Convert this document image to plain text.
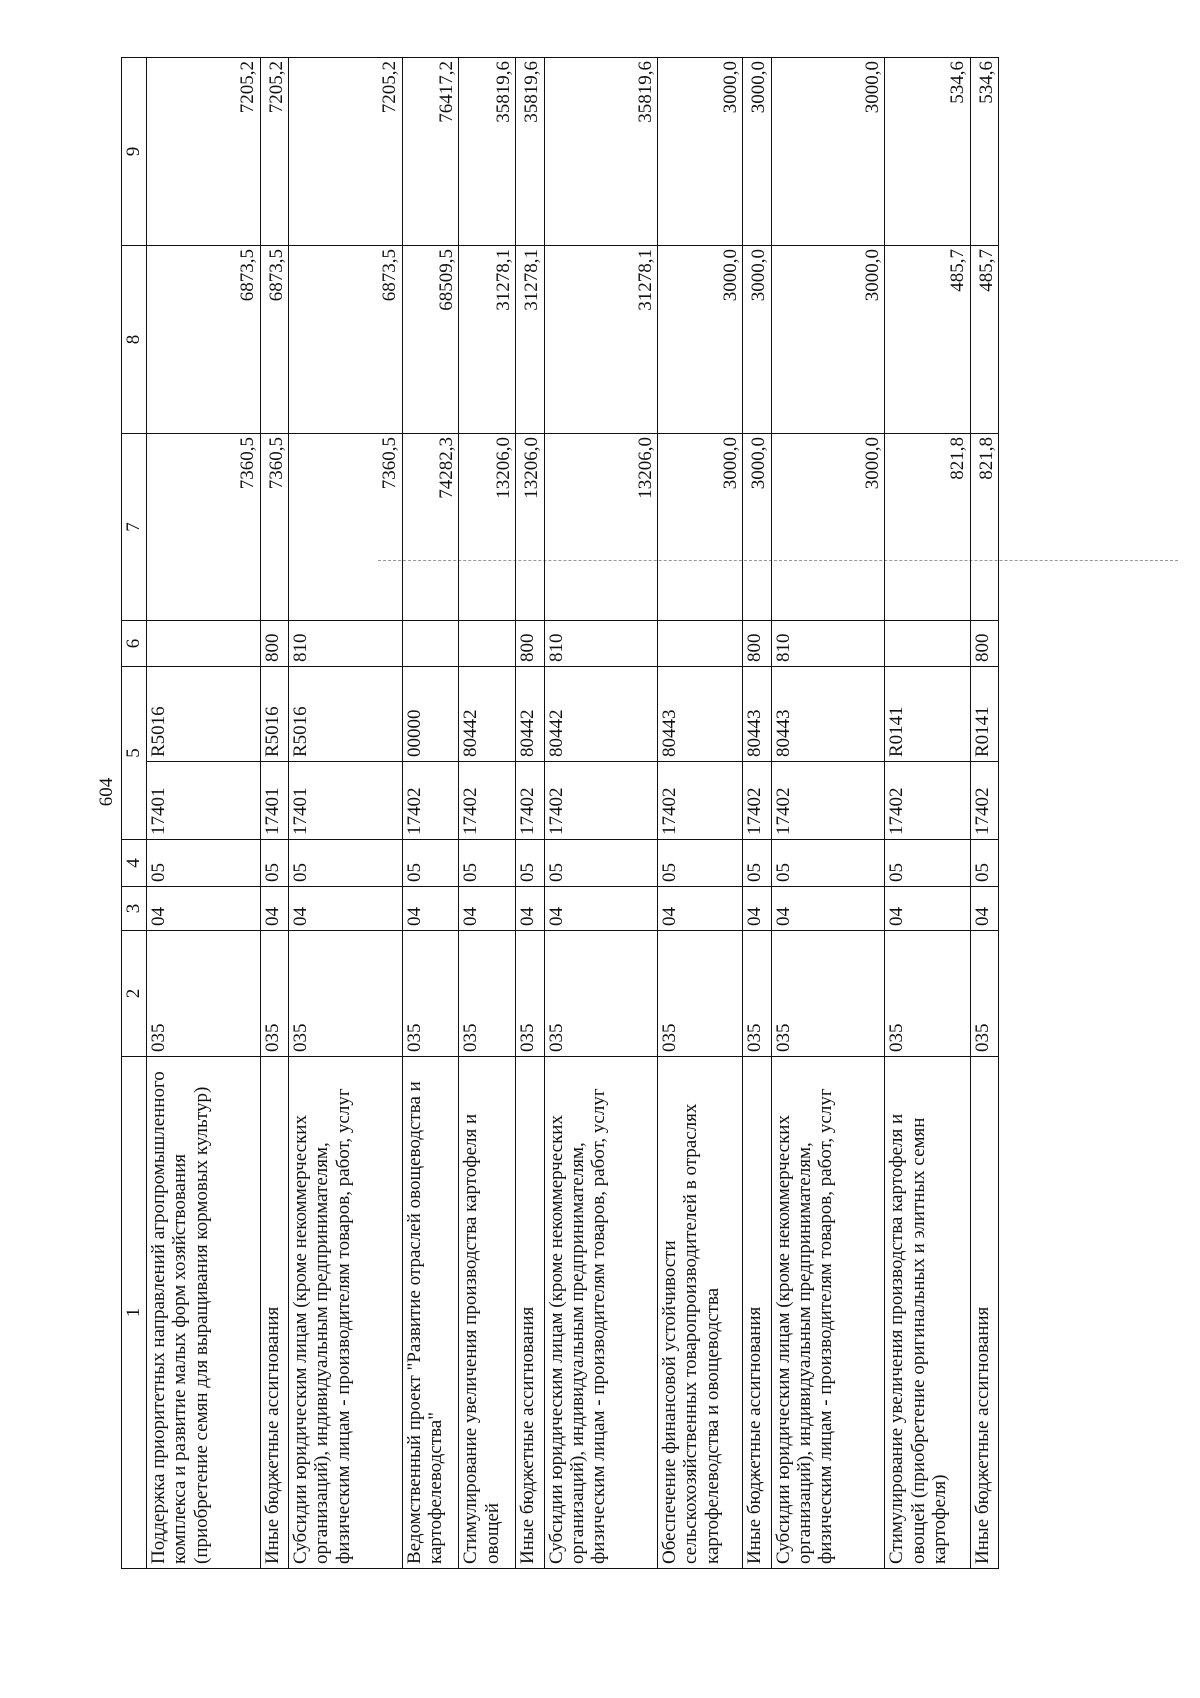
604
1	2	3	4	5		6	7	8	9
Поддержка приоритетных направлений агропромышленного комплекса и развитие малых форм хозяйствования (приобретение семян для выращивания кормовых культур)	035	04	05	17401	R5016		7360,5	6873,5	7205,2
Иные бюджетные ассигнования	035	04	05	17401	R5016	800	7360,5	6873,5	7205,2
Субсидии юридическим лицам (кроме некоммерческих организаций), индивидуальным предпринимателям, физическим лицам - производителям товаров, работ, услуг	035	04	05	17401	R5016	810	7360,5	6873,5	7205,2
Ведомственный проект "Развитие отраслей овощеводства и картофелеводства"	035	04	05	17402	00000		74282,3	68509,5	76417,2
Стимулирование увеличения производства картофеля и овощей	035	04	05	17402	80442		13206,0	31278,1	35819,6
Иные бюджетные ассигнования	035	04	05	17402	80442	800	13206,0	31278,1	35819,6
Субсидии юридическим лицам (кроме некоммерческих организаций), индивидуальным предпринимателям, физическим лицам - производителям товаров, работ, услуг	035	04	05	17402	80442	810	13206,0	31278,1	35819,6
Обеспечение финансовой устойчивости сельскохозяйственных товаропроизводителей в отраслях картофелеводства и овощеводства	035	04	05	17402	80443		3000,0	3000,0	3000,0
Иные бюджетные ассигнования	035	04	05	17402	80443	800	3000,0	3000,0	3000,0
Субсидии юридическим лицам (кроме некоммерческих организаций), индивидуальным предпринимателям, физическим лицам - производителям товаров, работ, услуг	035	04	05	17402	80443	810	3000,0	3000,0	3000,0
Стимулирование увеличения производства картофеля и овощей (приобретение оригинальных и элитных семян картофеля)	035	04	05	17402	R0141		821,8	485,7	534,6
Иные бюджетные ассигнования	035	04	05	17402	R0141	800	821,8	485,7	534,6
